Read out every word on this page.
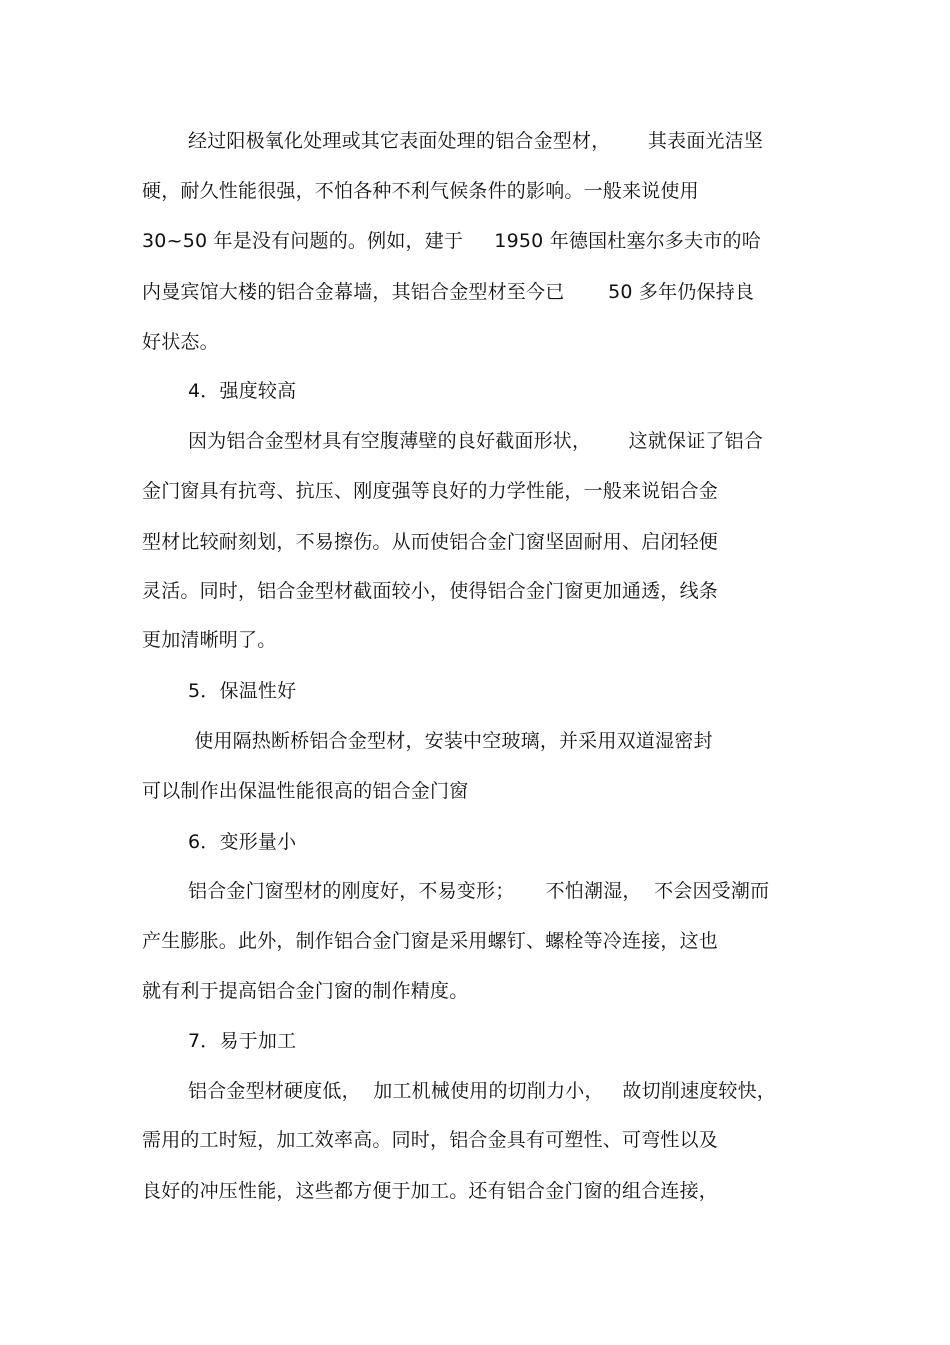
经过阳极氧化处理或其它表面处理的铝合金型材，      其表面光洁坚
硬，耐久性能很强，不怕各种不利气候条件的影响。一般来说使用
30~50 年是没有问题的。例如，建于     1950 年德国杜塞尔多夫市的哈
内曼宾馆大楼的铝合金幕墙，其铝合金型材至今已       50 多年仍保持良
好状态。
4．强度较高
因为铝合金型材具有空腹薄壁的良好截面形状，      这就保证了铝合
金门窗具有抗弯、抗压、刚度强等良好的力学性能，一般来说铝合金
型材比较耐刻划，不易擦伤。从而使铝合金门窗坚固耐用、启闭轻便
灵活。同时，铝合金型材截面较小，使得铝合金门窗更加通透，线条
更加清晰明了。
5．保温性好
使用隔热断桥铝合金型材，安装中空玻璃，并采用双道湿密封
可以制作出保温性能很高的铝合金门窗
6．变形量小
铝合金门窗型材的刚度好，不易变形；     不怕潮湿，  不会因受潮而
产生膨胀。此外，制作铝合金门窗是采用螺钉、螺栓等冷连接，这也
就有利于提高铝合金门窗的制作精度。
7．易于加工
铝合金型材硬度低，  加工机械使用的切削力小，   故切削速度较快，
需用的工时短，加工效率高。同时，铝合金具有可塑性、可弯性以及
良好的冲压性能，这些都方便于加工。还有铝合金门窗的组合连接，
